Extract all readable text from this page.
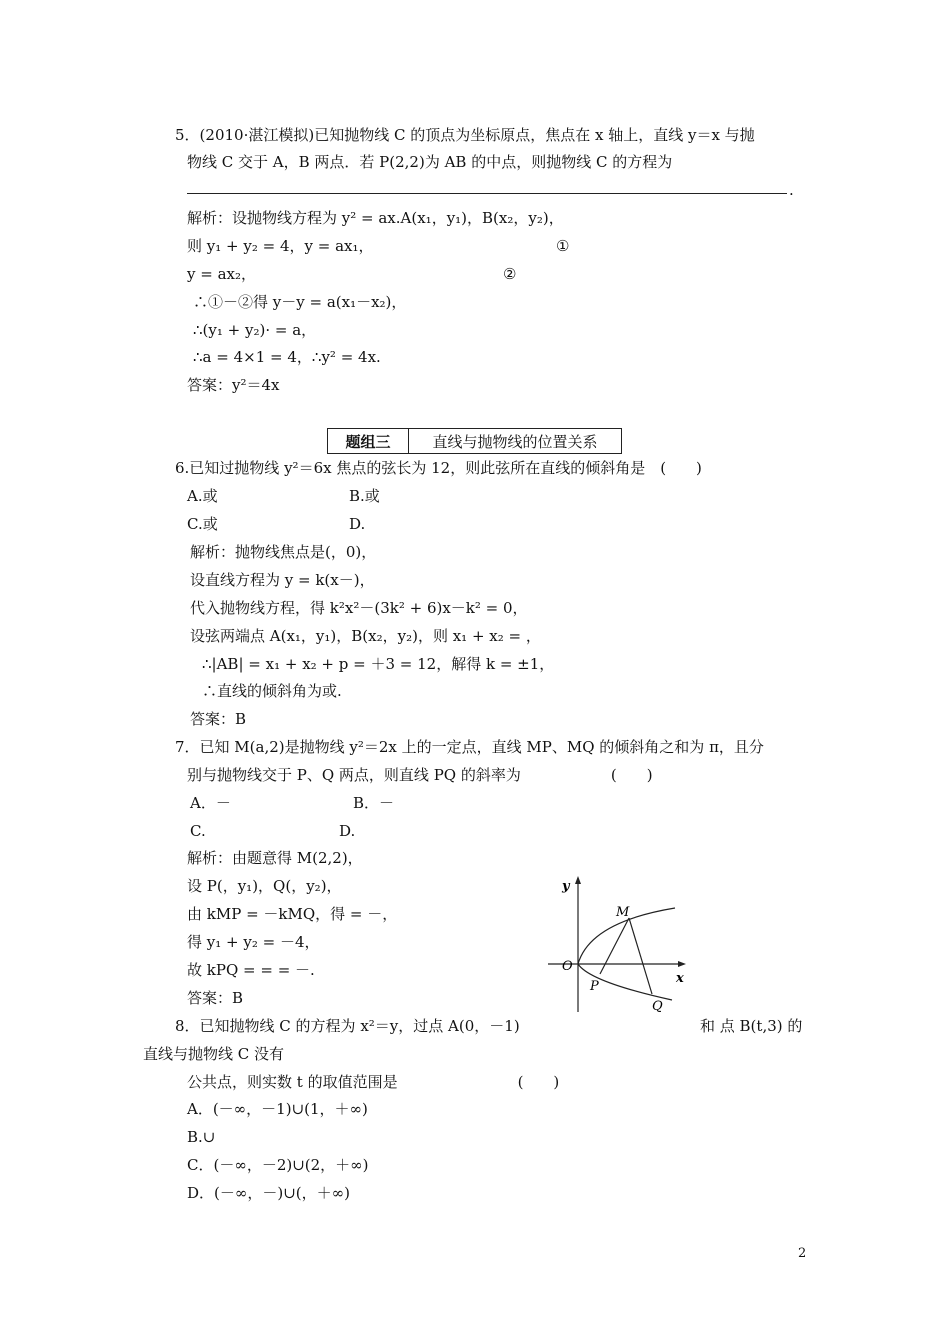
5．(2010·湛江模拟)已知抛物线 C 的顶点为坐标原点，焦点在 x 轴上，直线 y＝x 与抛
物线 C 交于 A，B 两点．若 P(2,2)为 AB 的中点，则抛物线 C 的方程为
.
解析：设抛物线方程为 y² = ax.A(x₁，y₁)，B(x₂，y₂)，
则 y₁ + y₂ = 4，y = ax₁，	①
y = ax₂，	②
∴①－②得 y－y = a(x₁－x₂)，
∴(y₁ + y₂)· = a，
∴a = 4×1 = 4，∴y² = 4x.
答案：y²＝4x
题组三	直线与抛物线的位置关系
6.已知过抛物线 y²＝6x 焦点的弦长为 12，则此弦所在直线的倾斜角是　(　　)
A.或	B.或
C.或	D.
解析：抛物线焦点是(，0)，
设直线方程为 y = k(x－)，
代入抛物线方程，得 k²x²－(3k² + 6)x－k² = 0，
设弦两端点 A(x₁，y₁)，B(x₂，y₂)，则 x₁ + x₂ = ，
∴|AB| = x₁ + x₂ + p = ＋3 = 12，解得 k = ±1，
∴直线的倾斜角为或.
答案：B
7．已知 M(a,2)是抛物线 y²＝2x 上的一定点，直线 MP、MQ 的倾斜角之和为 π，且分
别与抛物线交于 P、Q 两点，则直线 PQ 的斜率为　　　　　　(　　)
A．－	B．－
C.	D.
解析：由题意得 M(2,2)，
设 P(，y₁)，Q(，y₂)，
由 kMP = －kMQ，得 = －，
得 y₁ + y₂ = －4，
故 kPQ = = = －.
答案：B
y
x
O
M
P
Q
8．已知抛物线 C 的方程为 x²＝y，过点 A(0，－1)	和 点 B(t,3) 的
直线与抛物线 C 没有
公共点，则实数 t 的取值范围是　　　　　　　　(　　)
A．(－∞，－1)∪(1，＋∞)
B.∪
C．(－∞，－2)∪(2，＋∞)
D．(－∞，－)∪(，＋∞)
2
